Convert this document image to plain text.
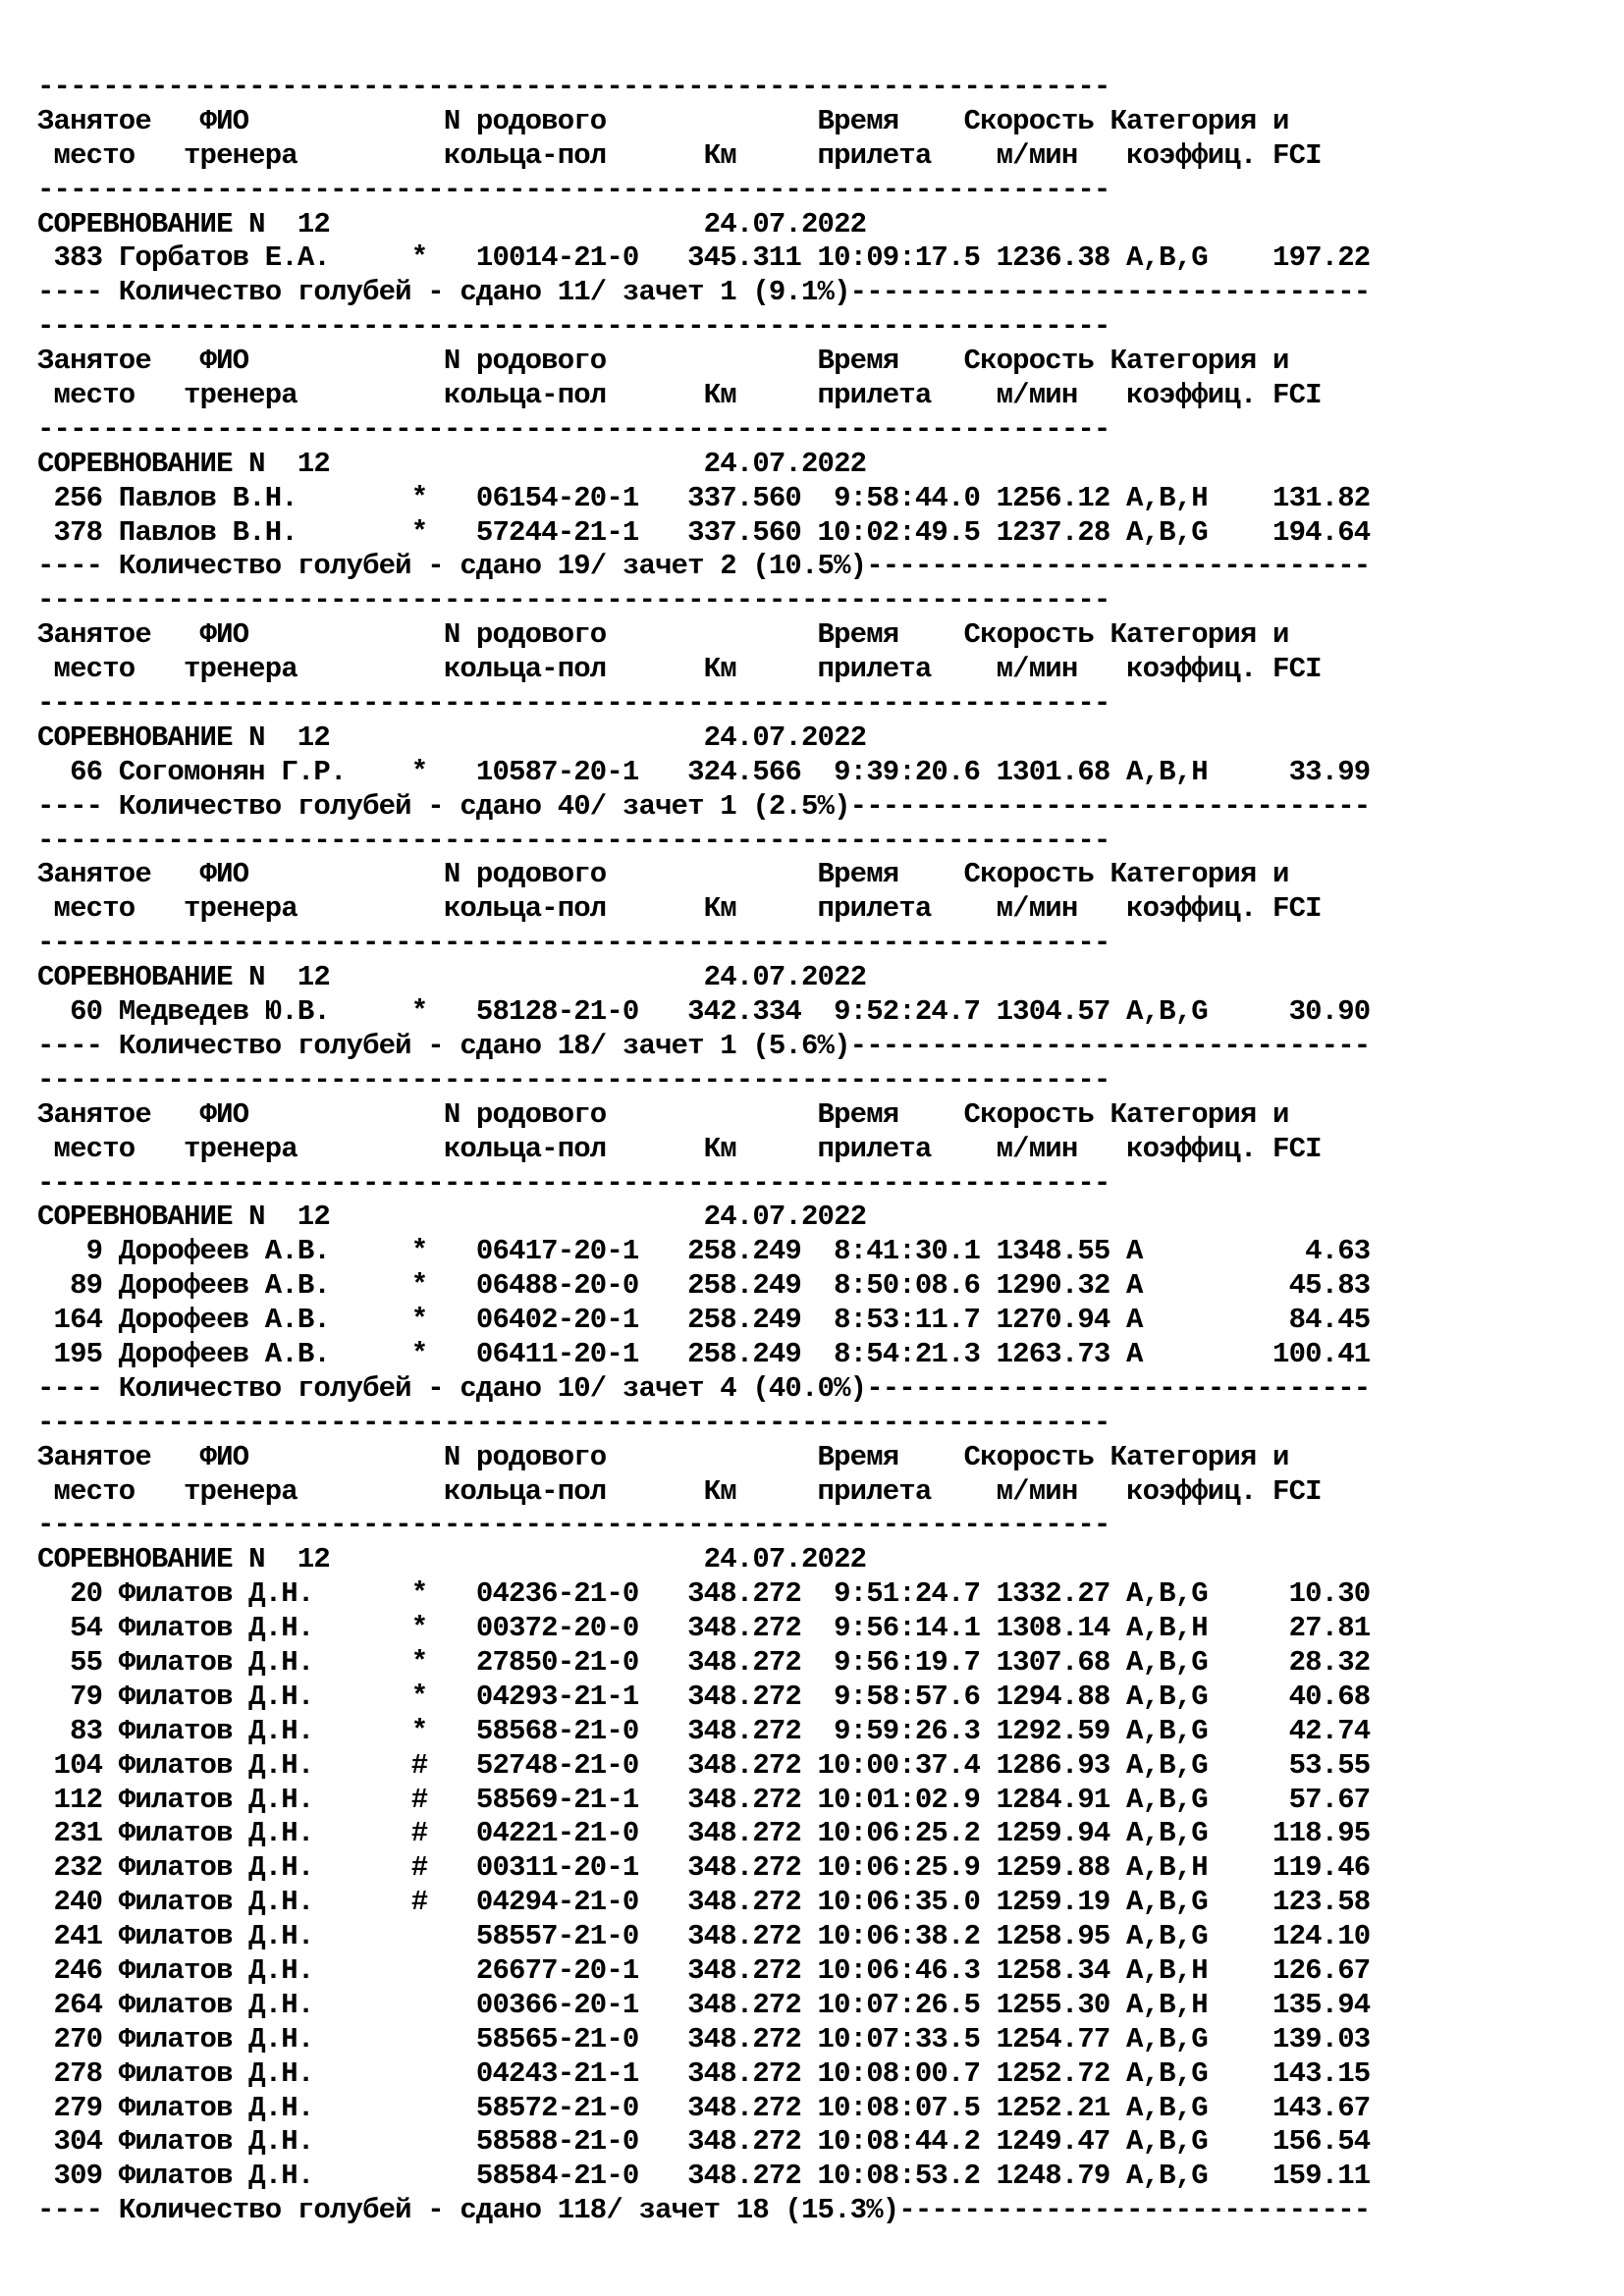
------------------------------------------------------------------
Занятое   ФИО            N родового             Время    Скорость Категория и
место   тренера         кольца-пол      Км     прилета    м/мин   коэффиц. FCI
------------------------------------------------------------------
СОРЕВНОВАНИЕ N  12                       24.07.2022
383 Горбатов Е.А.     *   10014-21-0   345.311 10:09:17.5 1236.38 A,B,G    197.22
---- Количество голубей - сдано 11/ зачет 1 (9.1%)--------------------------------
------------------------------------------------------------------
Занятое   ФИО            N родового             Время    Скорость Категория и
место   тренера         кольца-пол      Км     прилета    м/мин   коэффиц. FCI
------------------------------------------------------------------
СОРЕВНОВАНИЕ N  12                       24.07.2022
256 Павлов В.Н.       *   06154-20-1   337.560  9:58:44.0 1256.12 A,B,H    131.82
378 Павлов В.Н.       *   57244-21-1   337.560 10:02:49.5 1237.28 A,B,G    194.64
---- Количество голубей - сдано 19/ зачет 2 (10.5%)-------------------------------
------------------------------------------------------------------
Занятое   ФИО            N родового             Время    Скорость Категория и
место   тренера         кольца-пол      Км     прилета    м/мин   коэффиц. FCI
------------------------------------------------------------------
СОРЕВНОВАНИЕ N  12                       24.07.2022
66 Согомонян Г.Р.    *   10587-20-1   324.566  9:39:20.6 1301.68 A,B,H     33.99
---- Количество голубей - сдано 40/ зачет 1 (2.5%)--------------------------------
------------------------------------------------------------------
Занятое   ФИО            N родового             Время    Скорость Категория и
место   тренера         кольца-пол      Км     прилета    м/мин   коэффиц. FCI
------------------------------------------------------------------
СОРЕВНОВАНИЕ N  12                       24.07.2022
60 Медведев Ю.В.     *   58128-21-0   342.334  9:52:24.7 1304.57 A,B,G     30.90
---- Количество голубей - сдано 18/ зачет 1 (5.6%)--------------------------------
------------------------------------------------------------------
Занятое   ФИО            N родового             Время    Скорость Категория и
место   тренера         кольца-пол      Км     прилета    м/мин   коэффиц. FCI
------------------------------------------------------------------
СОРЕВНОВАНИЕ N  12                       24.07.2022
9 Дорофеев А.В.     *   06417-20-1   258.249  8:41:30.1 1348.55 A          4.63
89 Дорофеев А.В.     *   06488-20-0   258.249  8:50:08.6 1290.32 A         45.83
164 Дорофеев А.В.     *   06402-20-1   258.249  8:53:11.7 1270.94 A         84.45
195 Дорофеев А.В.     *   06411-20-1   258.249  8:54:21.3 1263.73 A        100.41
---- Количество голубей - сдано 10/ зачет 4 (40.0%)-------------------------------
------------------------------------------------------------------
Занятое   ФИО            N родового             Время    Скорость Категория и
место   тренера         кольца-пол      Км     прилета    м/мин   коэффиц. FCI
------------------------------------------------------------------
СОРЕВНОВАНИЕ N  12                       24.07.2022
20 Филатов Д.Н.      *   04236-21-0   348.272  9:51:24.7 1332.27 A,B,G     10.30
54 Филатов Д.Н.      *   00372-20-0   348.272  9:56:14.1 1308.14 A,B,H     27.81
55 Филатов Д.Н.      *   27850-21-0   348.272  9:56:19.7 1307.68 A,B,G     28.32
79 Филатов Д.Н.      *   04293-21-1   348.272  9:58:57.6 1294.88 A,B,G     40.68
83 Филатов Д.Н.      *   58568-21-0   348.272  9:59:26.3 1292.59 A,B,G     42.74
104 Филатов Д.Н.      #   52748-21-0   348.272 10:00:37.4 1286.93 A,B,G     53.55
112 Филатов Д.Н.      #   58569-21-1   348.272 10:01:02.9 1284.91 A,B,G     57.67
231 Филатов Д.Н.      #   04221-21-0   348.272 10:06:25.2 1259.94 A,B,G    118.95
232 Филатов Д.Н.      #   00311-20-1   348.272 10:06:25.9 1259.88 A,B,H    119.46
240 Филатов Д.Н.      #   04294-21-0   348.272 10:06:35.0 1259.19 A,B,G    123.58
241 Филатов Д.Н.          58557-21-0   348.272 10:06:38.2 1258.95 A,B,G    124.10
246 Филатов Д.Н.          26677-20-1   348.272 10:06:46.3 1258.34 A,B,H    126.67
264 Филатов Д.Н.          00366-20-1   348.272 10:07:26.5 1255.30 A,B,H    135.94
270 Филатов Д.Н.          58565-21-0   348.272 10:07:33.5 1254.77 A,B,G    139.03
278 Филатов Д.Н.          04243-21-1   348.272 10:08:00.7 1252.72 A,B,G    143.15
279 Филатов Д.Н.          58572-21-0   348.272 10:08:07.5 1252.21 A,B,G    143.67
304 Филатов Д.Н.          58588-21-0   348.272 10:08:44.2 1249.47 A,B,G    156.54
309 Филатов Д.Н.          58584-21-0   348.272 10:08:53.2 1248.79 A,B,G    159.11
---- Количество голубей - сдано 118/ зачет 18 (15.3%)-----------------------------
